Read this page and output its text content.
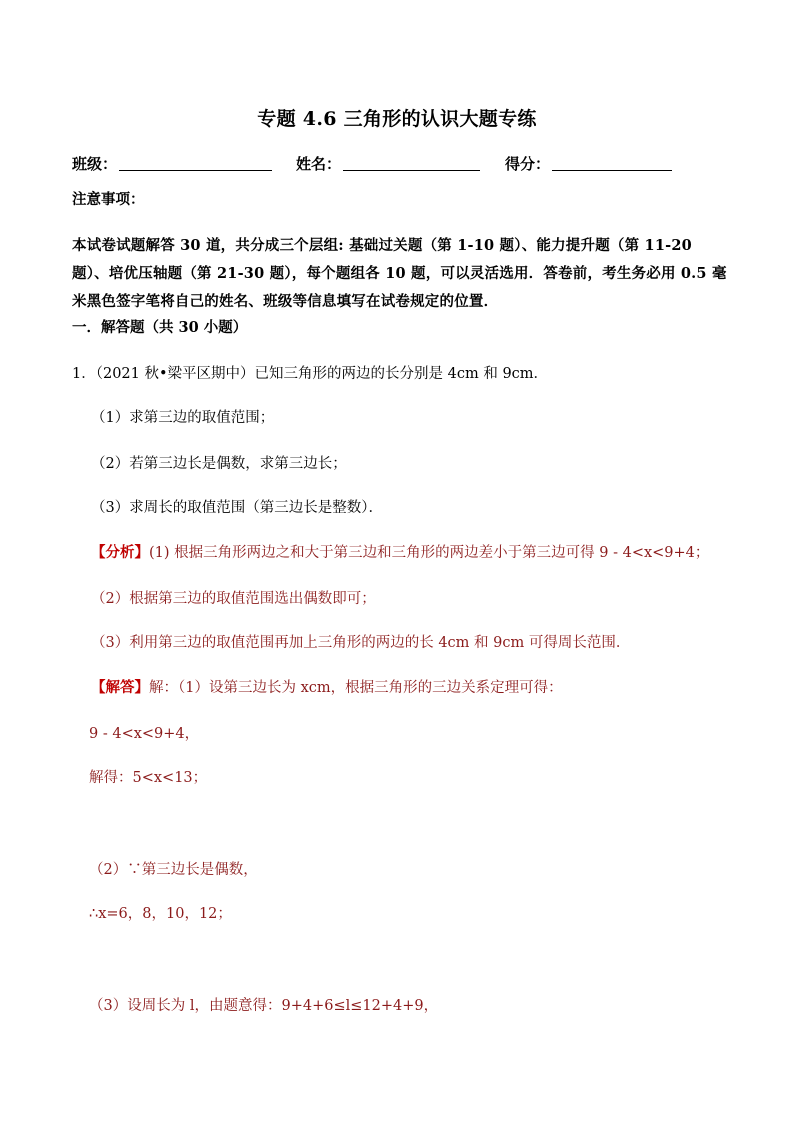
专题 4.6 三角形的认识大题专练
班级：	姓名：	得分：
注意事项：
本试卷试题解答 30 道，共分成三个层组: 基础过关题（第 1-10 题）、能力提升题（第 11-20 题）、培优压轴题（第 21-30 题），每个题组各 10 题，可以灵活选用．答卷前，考生务必用 0.5 毫米黑色签字笔将自己的姓名、班级等信息填写在试卷规定的位置．
一．解答题（共 30 小题）
1．（2021 秋•梁平区期中）已知三角形的两边的长分别是 4cm 和 9cm．
（1）求第三边的取值范围；
（2）若第三边长是偶数，求第三边长；
（3）求周长的取值范围（第三边长是整数）．
【分析】(1) 根据三角形两边之和大于第三边和三角形的两边差小于第三边可得 9 - 4<x<9+4；
（2）根据第三边的取值范围选出偶数即可；
（3）利用第三边的取值范围再加上三角形的两边的长 4cm 和 9cm 可得周长范围．
【解答】解：（1）设第三边长为 xcm，根据三角形的三边关系定理可得：
9 - 4<x<9+4，
解得：5<x<13；
（2）∵第三边长是偶数，
∴x=6，8，10，12；
（3）设周长为 l，由题意得：9+4+6≤l≤12+4+9，
